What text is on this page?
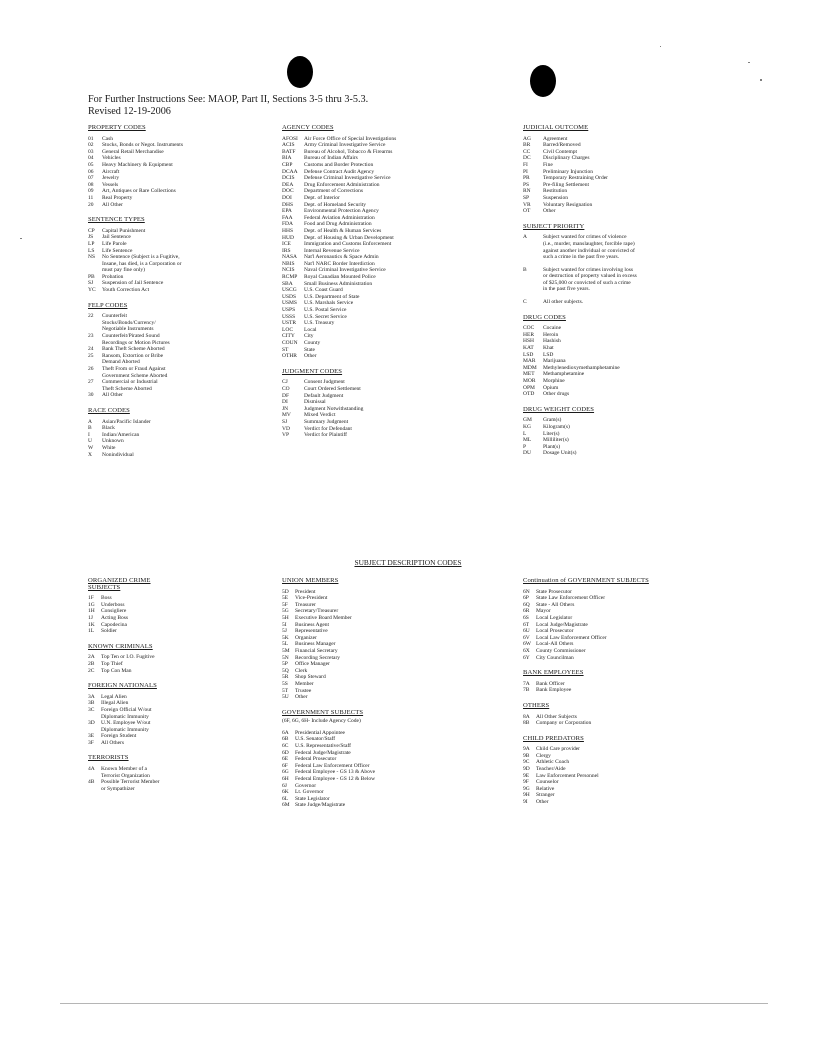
For Further Instructions See: MAOP, Part II, Sections 3-5 thru 3-5.3.
Revised 12-19-2006
PROPERTY CODES
01	Cash
02	Stocks, Bonds or Negot. Instruments
03	General Retail Merchandise
04	Vehicles
05	Heavy Machinery & Equipment
06	Aircraft
07	Jewelry
08	Vessels
09	Art, Antiques or Rare Collections
11	Real Property
20	All Other
SENTENCE TYPES
CP	Capital Punishment
JS	Jail Sentence
LP	Life Parole
LS	Life Sentence
NS	No Sentence (Subject is a Fugitive,
Insane, has died, is a Corporation or
must pay fine only)
PB	Probation
SJ	Suspension of Jail Sentence
YC	Youth Correction Act
FELP CODES
22	Counterfeit
Stocks/Bonds/Currency/
Negotiable Instruments
23	Counterfeit/Pirated Sound
Recordings or Motion Pictures
24	Bank Theft Scheme Aborted
25	Ransom, Extortion or Bribe
Demand Aborted
26	Theft From or Fraud Against
Government Scheme Aborted
27	Commercial or Industrial
Theft Scheme Aborted
30	All Other
RACE CODES
A	Asian/Pacific Islander
B	Black
I	Indian/American
U	Unknown
W	White
X	Nonindividual
AGENCY CODES
AFOSI	Air Force Office of Special Investigations
ACIS	Army Criminal Investigative Service
BATF	Bureau of Alcohol, Tobacco & Firearms
BIA	Bureau of Indian Affairs
CBP	Customs and Border Protection
DCAA	Defense Contract Audit Agency
DCIS	Defense Criminal Investigative Service
DEA	Drug Enforcement Administration
DOC	Department of Corrections
DOI	Dept. of Interior
DHS	Dept. of Homeland Security
EPA	Environmental Protection Agency
FAA	Federal Aviation Administration
FDA	Food and Drug Administration
HHS	Dept. of Health & Human Services
HUD	Dept. of Housing & Urban Development
ICE	Immigration and Customs Enforcement
IRS	Internal Revenue Service
NASA	Nat'l Aeronautics & Space Admin
NBIS	Nat'l NARC Border Interdiction
NCIS	Naval Criminal Investigative Service
RCMP	Royal Canadian Mounted Police
SBA	Small Business Administration
USCG	U.S. Coast Guard
USDS	U.S. Department of State
USMS	U.S. Marshals Service
USPS	U.S. Postal Service
USSS	U.S. Secret Service
USTR	U.S. Treasury
LOC	Local
CITY	City
COUN	County
ST	State
OTHR	Other
JUDGMENT CODES
CJ	Consent Judgment
CO	Court Ordered Settlement
DF	Default Judgment
DI	Dismissal
JN	Judgment Notwithstanding
MV	Mixed Verdict
SJ	Summary Judgment
VD	Verdict for Defendant
VP	Verdict for Plaintiff
JUDICIAL OUTCOME
AG	Agreement
BR	Barred/Removed
CC	Civil Contempt
DC	Disciplinary Charges
FI	Fine
PI	Preliminary Injunction
PR	Temporary Restraining Order
PS	Pre-filing Settlement
RN	Restitution
SP	Suspension
VR	Voluntary Resignation
OT	Other
SUBJECT PRIORITY
A	Subject wanted for crimes of violence
(i.e., murder, manslaughter, forcible rape)
against another individual or convicted of
such a crime in the past five years.
B	Subject wanted for crimes involving loss
or destruction of property valued in excess
of $25,000 or convicted of such a crime
in the past five years.
C	All other subjects.
DRUG CODES
COC	Cocaine
HER	Heroin
HSH	Hashish
KAT	Khat
LSD	LSD
MAR	Marijuana
MDM	Methylenedioxymethamphetamine
MET	Methamphetamine
MOR	Morphine
OPM	Opium
OTD	Other drugs
DRUG WEIGHT CODES
GM	Gram(s)
KG	Kilogram(s)
L	Liter(s)
ML	Milliliter(s)
P	Plant(s)
DU	Dosage Unit(s)
SUBJECT DESCRIPTION CODES
ORGANIZED CRIME
SUBJECTS
1F	Boss
1G	Underboss
1H	Consigliere
1J	Acting Boss
1K	Capodecina
1L	Soldier
KNOWN CRIMINALS
2A	Top Ten or I.O. Fugitive
2B	Top Thief
2C	Top Con Man
FOREIGN NATIONALS
3A	Legal Alien
3B	Illegal Alien
3C	Foreign Official W/out
Diplomatic Immunity
3D	U.N. Employee W/out
Diplomatic Immunity
3E	Foreign Student
3F	All Others
TERRORISTS
4A	Known Member of a
Terrorist Organization
4B	Possible Terrorist Member
or Sympathizer
UNION MEMBERS
5D	President
5E	Vice-President
5F	Treasurer
5G	Secretary/Treasurer
5H	Executive Board Member
5I	Business Agent
5J	Representative
5K	Organizer
5L	Business Manager
5M Financial Secretary
5N	Recording Secretary
5P	Office Manager
5Q	Clerk
5R	Shop Steward
5S	Member
5T	Trustee
5U	Other
GOVERNMENT SUBJECTS
(6F, 6G, 6H- Include Agency Code)
6A	Presidential Appointee
6B	U.S. Senator/Staff
6C	U.S. Representative/Staff
6D	Federal Judge/Magistrate
6E	Federal Prosecutor
6F	Federal Law Enforcement Officer
6G	Federal Employee - GS 13 & Above
6H	Federal Employee - GS 12 & Below
6J	Governor
6K	Lt. Governor
6L	State Legislator
6M State Judge/Magistrate
Continuation of GOVERNMENT SUBJECTS
6N	State Prosecutor
6P	State Law Enforcement Officer
6Q	State - All Others
6R	Mayor
6S	Local Legislator
6T	Local Judge/Magistrate
6U	Local Prosecutor
6V	Local Law Enforcement Officer
6W Local-All Others
6X	County Commissioner
6Y	City Councilman
BANK EMPLOYEES
7A	Bank Officer
7B	Bank Employee
OTHERS
8A	All Other Subjects
8B	Company or Corporation
CHILD PREDATORS
9A	Child Care provider
9B	Clergy
9C	Athletic Coach
9D	Teacher/Aide
9E	Law Enforcement Personnel
9F	Counselor
9G	Relative
9H	Stranger
9I	Other
